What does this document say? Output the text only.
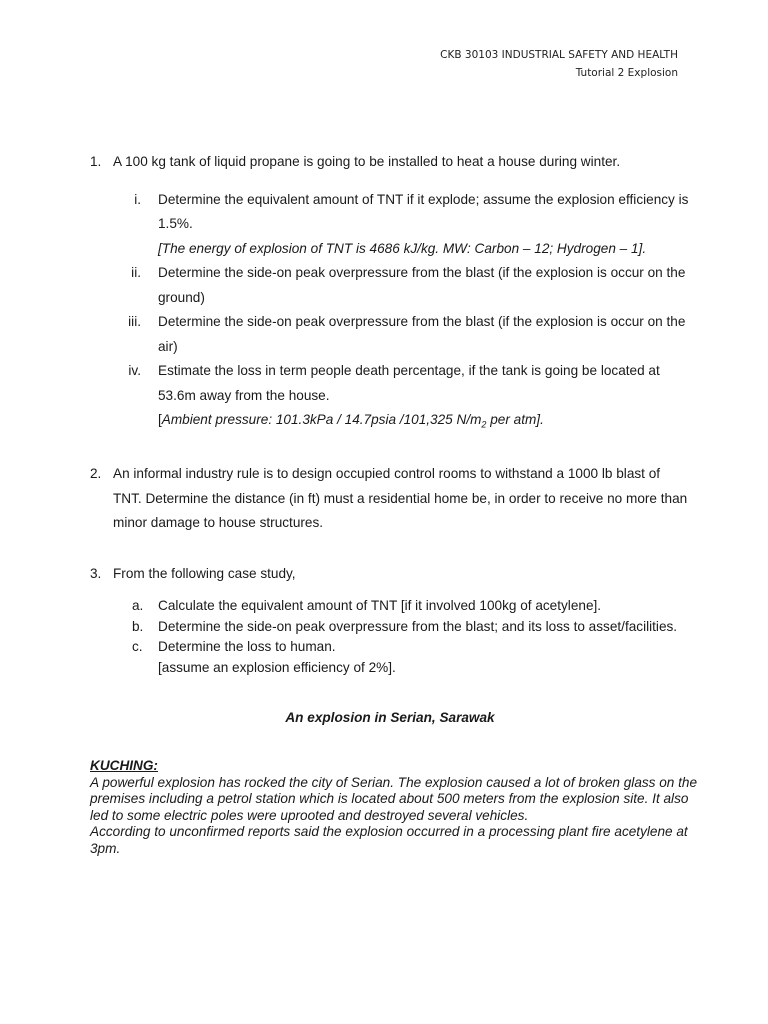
CKB 30103 INDUSTRIAL SAFETY AND HEALTH
Tutorial 2 Explosion
1. A 100 kg tank of liquid propane is going to be installed to heat a house during winter.
i. Determine the equivalent amount of TNT if it explode; assume the explosion efficiency is 1.5%.
[The energy of explosion of TNT is 4686 kJ/kg. MW: Carbon – 12; Hydrogen – 1].
ii. Determine the side-on peak overpressure from the blast (if the explosion is occur on the ground)
iii. Determine the side-on peak overpressure from the blast (if the explosion is occur on the air)
iv. Estimate the loss in term people death percentage, if the tank is going be located at 53.6m away from the house.
[Ambient pressure: 101.3kPa / 14.7psia /101,325 $N/m_2$ per atm].
2. An informal industry rule is to design occupied control rooms to withstand a 1000 lb blast of TNT. Determine the distance (in ft) must a residential home be, in order to receive no more than minor damage to house structures.
3. From the following case study,
a. Calculate the equivalent amount of TNT [if it involved 100kg of acetylene].
b. Determine the side-on peak overpressure from the blast; and its loss to asset/facilities.
c. Determine the loss to human.
[assume an explosion efficiency of 2%].
An explosion in Serian, Sarawak
KUCHING:

A powerful explosion has rocked the city of Serian. The explosion caused a lot of broken glass on the premises including a petrol station which is located about 500 meters from the explosion site. It also led to some electric poles were uprooted and destroyed several vehicles.

According to unconfirmed reports said the explosion occurred in a processing plant fire acetylene at 3pm.
